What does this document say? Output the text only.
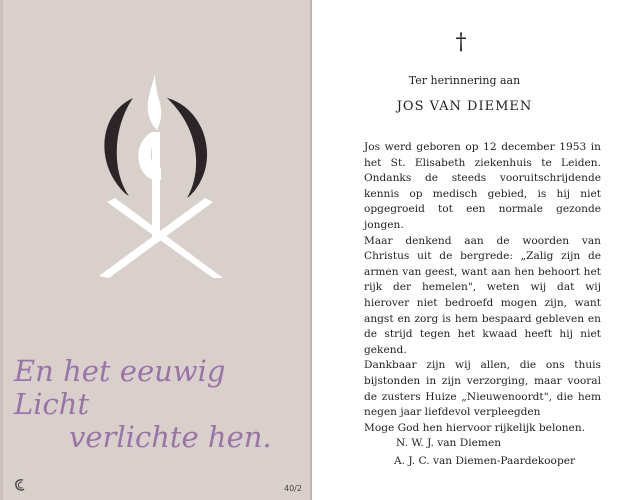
En het eeuwig Licht
verlichte hen.
40/2
†
Ter herinnering aan
JOS VAN DIEMEN

Jos werd geboren op 12 december 1953 in het St. Elisabeth ziekenhuis te Leiden. Ondanks de steeds vooruitschrijdende kennis op medisch gebied, is hij niet opgegroeid tot een normale gezonde jongen.

Maar denkend aan de woorden van Christus uit de bergrede: „Zalig zijn de armen van geest, want aan hen behoort het rijk der hemelen", weten wij dat wij hierover niet bedroefd mogen zijn, want angst en zorg is hem bespaard gebleven en de strijd tegen het kwaad heeft hij niet gekend.

Dankbaar zijn wij allen, die ons thuis bijstonden in zijn verzorging, maar vooral de zusters Huize „Nieuwenoordt", die hem negen jaar liefdevol verpleegden

Moge God hen hiervoor rijkelijk belonen.

N. W. J. van Diemen
A. J. C. van Diemen-Paardekooper
